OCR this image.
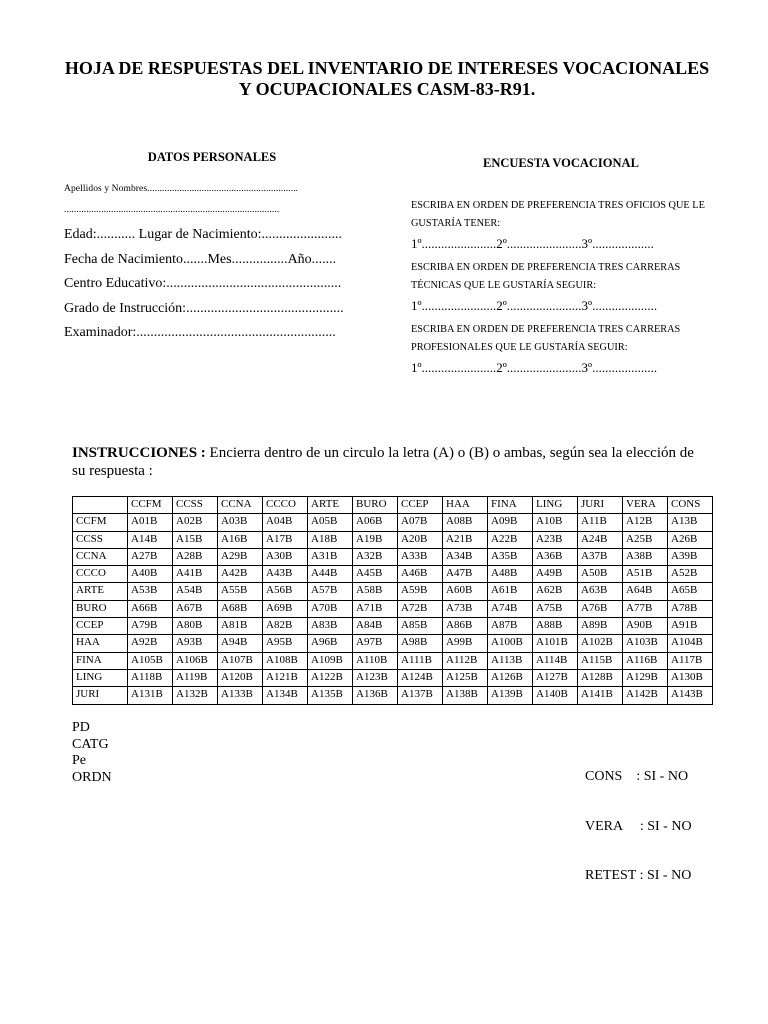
HOJA DE RESPUESTAS DEL INVENTARIO DE INTERESES VOCACIONALES
Y OCUPACIONALES CASM-83-R91.
DATOS PERSONALES
Apellidos y Nombres.............................................................
.......................................................................................
Edad:........... Lugar de Nacimiento:.......................
Fecha de Nacimiento.......Mes................Año.......
Centro Educativo:..................................................
Grado de Instrucción:.............................................
Examinador:.........................................................
ENCUESTA VOCACIONAL
ESCRIBA EN ORDEN DE PREFERENCIA TRES OFICIOS QUE LE
GUSTARÍA TENER:
1º.......................2º.......................3º...................
ESCRIBA EN ORDEN DE PREFERENCIA TRES CARRERAS
TÉCNICAS QUE LE GUSTARÍA SEGUIR:
1º.......................2º.......................3º....................
ESCRIBA EN ORDEN DE PREFERENCIA TRES CARRERAS
PROFESIONALES QUE LE GUSTARÍA SEGUIR:
1º.......................2º.......................3º....................
INSTRUCCIONES : Encierra dentro de un circulo la letra (A) o (B) o ambas, según sea la elección de su respuesta :
	CCFM	CCSS	CCNA	CCCO	ARTE	BURO	CCEP	HAA	FINA	LING	JURI	VERA	CONS
CCFM	A01B	A02B	A03B	A04B	A05B	A06B	A07B	A08B	A09B	A10B	A11B	A12B	A13B
CCSS	A14B	A15B	A16B	A17B	A18B	A19B	A20B	A21B	A22B	A23B	A24B	A25B	A26B
CCNA	A27B	A28B	A29B	A30B	A31B	A32B	A33B	A34B	A35B	A36B	A37B	A38B	A39B
CCCO	A40B	A41B	A42B	A43B	A44B	A45B	A46B	A47B	A48B	A49B	A50B	A51B	A52B
ARTE	A53B	A54B	A55B	A56B	A57B	A58B	A59B	A60B	A61B	A62B	A63B	A64B	A65B
BURO	A66B	A67B	A68B	A69B	A70B	A71B	A72B	A73B	A74B	A75B	A76B	A77B	A78B
CCEP	A79B	A80B	A81B	A82B	A83B	A84B	A85B	A86B	A87B	A88B	A89B	A90B	A91B
HAA	A92B	A93B	A94B	A95B	A96B	A97B	A98B	A99B	A100B	A101B	A102B	A103B	A104B
FINA	A105B	A106B	A107B	A108B	A109B	A110B	A111B	A112B	A113B	A114B	A115B	A116B	A117B
LING	A118B	A119B	A120B	A121B	A122B	A123B	A124B	A125B	A126B	A127B	A128B	A129B	A130B
JURI	A131B	A132B	A133B	A134B	A135B	A136B	A137B	A138B	A139B	A140B	A141B	A142B	A143B
PD
CATG
Pe
ORDN

	CONS    : SI - NO

VERA     : SI - NO

RETEST : SI - NO
